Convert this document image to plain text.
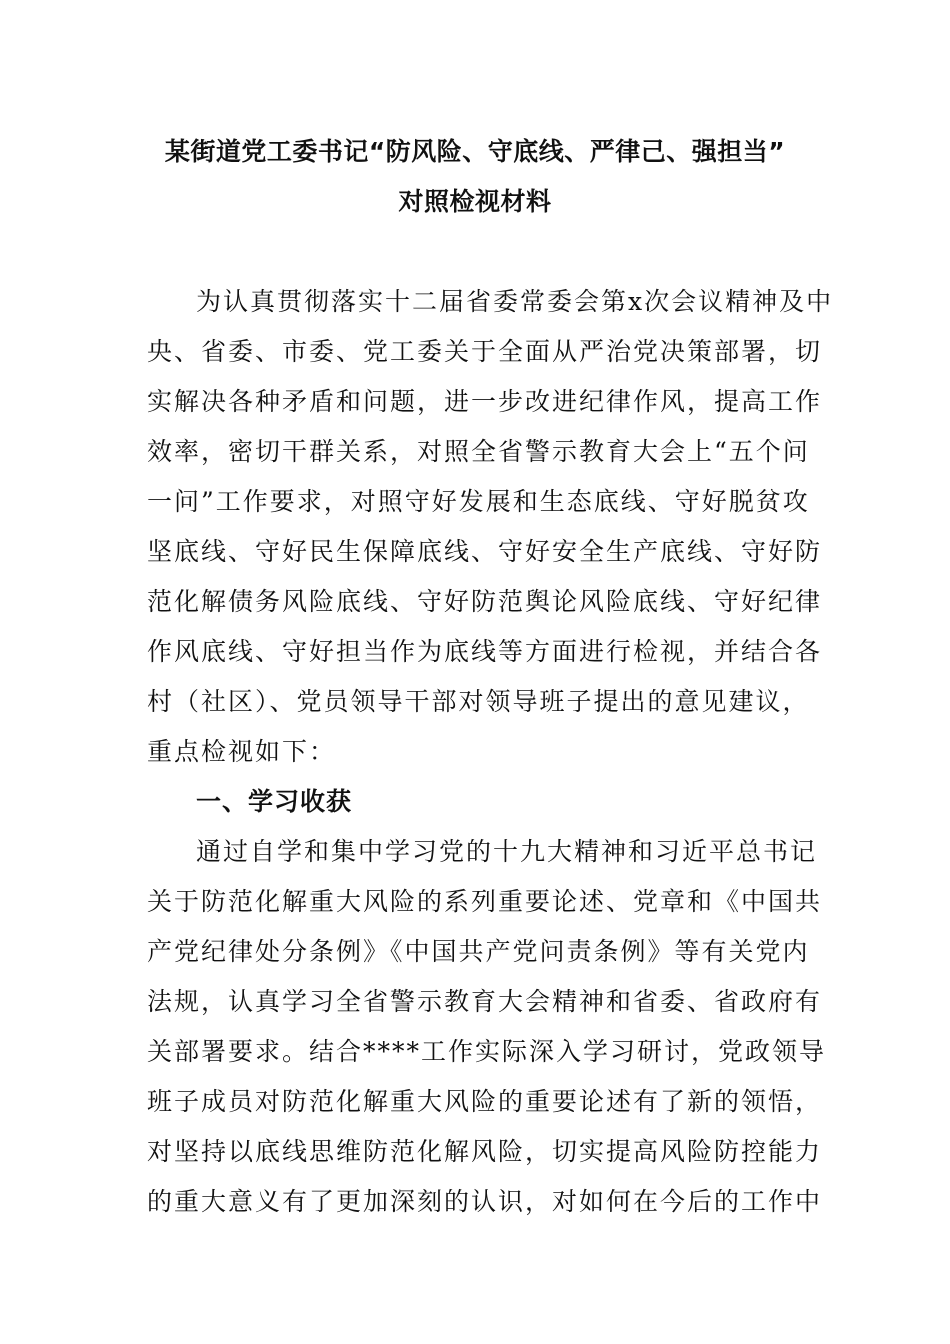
某街道党工委书记“防风险、守底线、严律己、强担当”
对照检视材料
为认真贯彻落实十二届省委常委会第x次会议精神及中
央、省委、市委、党工委关于全面从严治党决策部署，切
实解决各种矛盾和问题，进一步改进纪律作风，提高工作
效率，密切干群关系，对照全省警示教育大会上“五个问
一问”工作要求，对照守好发展和生态底线、守好脱贫攻
坚底线、守好民生保障底线、守好安全生产底线、守好防
范化解债务风险底线、守好防范舆论风险底线、守好纪律
作风底线、守好担当作为底线等方面进行检视，并结合各
村（社区）、党员领导干部对领导班子提出的意见建议，
重点检视如下：
一、学习收获
通过自学和集中学习党的十九大精神和习近平总书记
关于防范化解重大风险的系列重要论述、党章和《中国共
产党纪律处分条例》《中国共产党问责条例》等有关党内
法规，认真学习全省警示教育大会精神和省委、省政府有
关部署要求。结合****工作实际深入学习研讨，党政领导
班子成员对防范化解重大风险的重要论述有了新的领悟，
对坚持以底线思维防范化解风险，切实提高风险防控能力
的重大意义有了更加深刻的认识，对如何在今后的工作中
